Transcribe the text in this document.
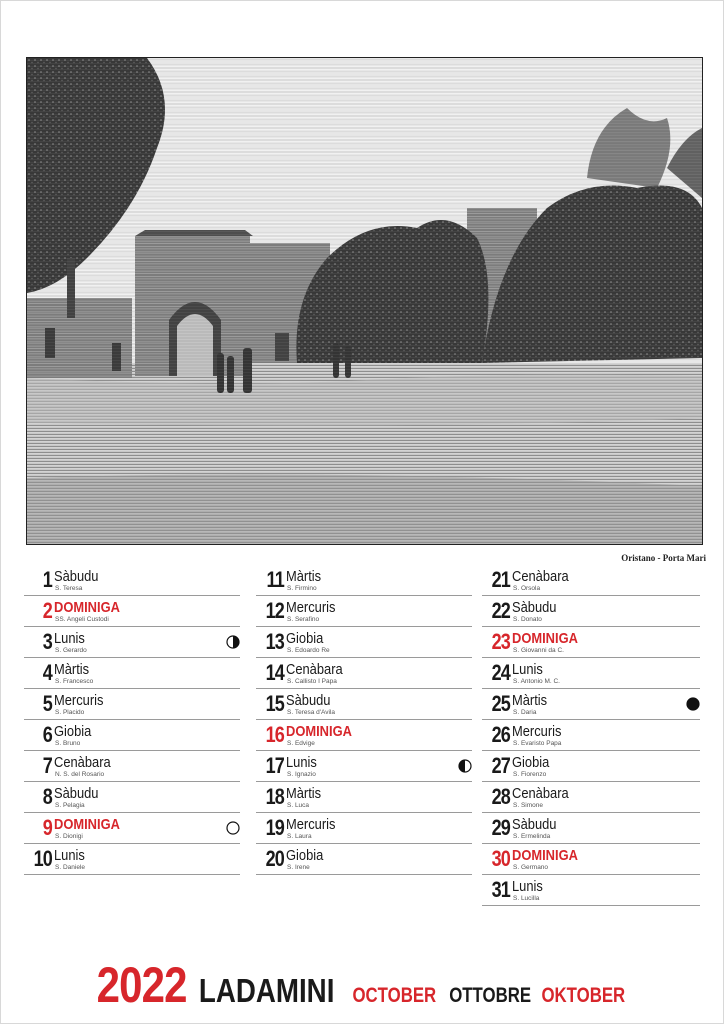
Oristano - Porta Mari
1 Sàbudu
S. Teresa
2 DOMINIGA
SS. Angeli Custodi
3 Lunis
S. Gerardo
4 Màrtis
S. Francesco
5 Mercuris
S. Placido
6 Giobia
S. Bruno
7 Cenàbara
N. S. del Rosario
8 Sàbudu
S. Pelagia
9 DOMINIGA
S. Dionigi
10 Lunis
S. Daniele
11 Màrtis
S. Firmino
12 Mercuris
S. Serafino
13 Giobia
S. Edoardo Re
14 Cenàbara
S. Callisto I Papa
15 Sàbudu
S. Teresa d'Avila
16 DOMINIGA
S. Edvige
17 Lunis
S. Ignazio
18 Màrtis
S. Luca
19 Mercuris
S. Laura
20 Giobia
S. Irene
21 Cenàbara
S. Orsola
22 Sàbudu
S. Donato
23 DOMINIGA
S. Giovanni da C.
24 Lunis
S. Antonio M. C.
25 Màrtis
S. Daria
26 Mercuris
S. Evaristo Papa
27 Giobia
S. Fiorenzo
28 Cenàbara
S. Simone
29 Sàbudu
S. Ermelinda
30 DOMINIGA
S. Germano
31 Lunis
S. Lucilla
2022 LADAMINI OCTOBER OTTOBRE OKTOBER
